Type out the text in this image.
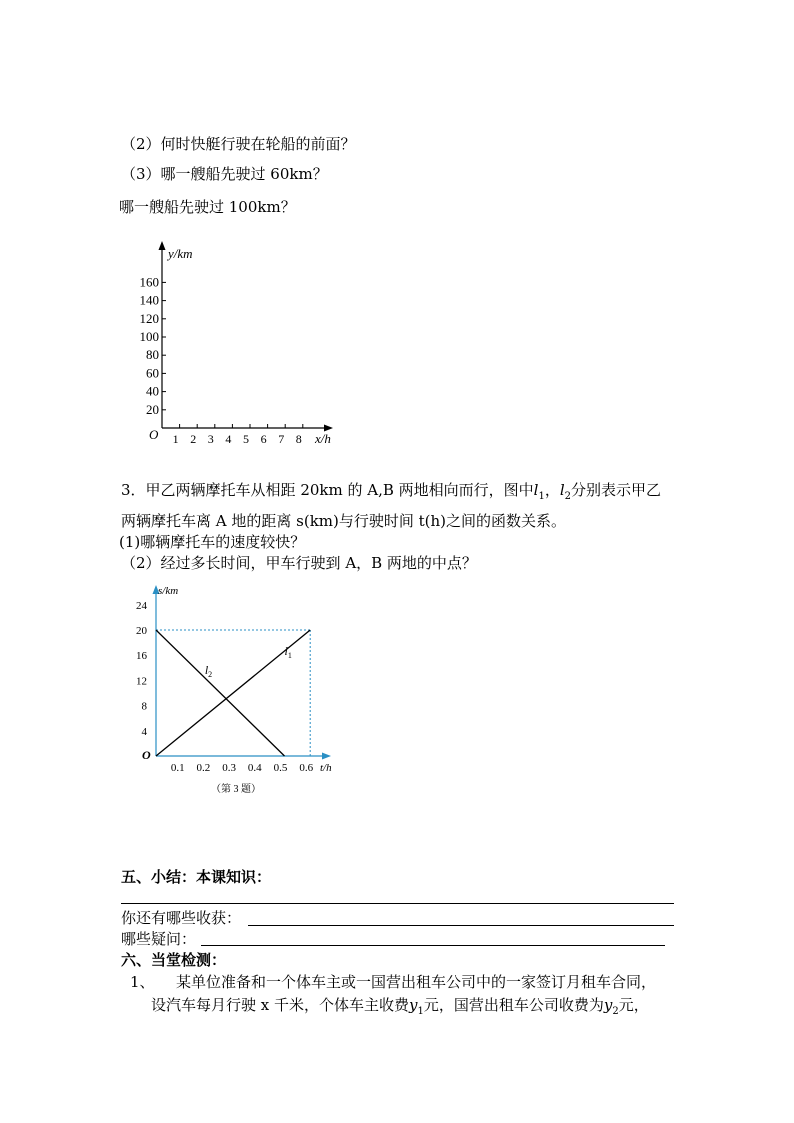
（2）何时快艇行驶在轮船的前面？
（3）哪一艘船先驶过 60km？
哪一艘船先驶过 100km？
160
140
120
100
80
60
40
20
1 2 3 4 5 6 7 8
y/km
O	x/h
3．甲乙两辆摩托车从相距 20km 的 A,B 两地相向而行，图中$l_1$，$l_2$分别表示甲乙
两辆摩托车离 A 地的距离 s(km)与行驶时间 t(h)之间的函数关系。
(1)哪辆摩托车的速度较快？
（2）经过多长时间，甲车行驶到 A，B 两地的中点？
4
8
12
16
20
24
0.1 0.2 0.3 0.4 0.5 0.6
$l_1$
$l_2$
O
s/km
t/h
（第 3 题）
五、小结：本课知识：
你还有哪些收获：
哪些疑问：
六、当堂检测：
1、 某单位准备和一个体车主或一国营出租车公司中的一家签订月租车合同，
设汽车每月行驶 x 千米，个体车主收费$y_1$元，国营出租车公司收费为$y_2$元，
